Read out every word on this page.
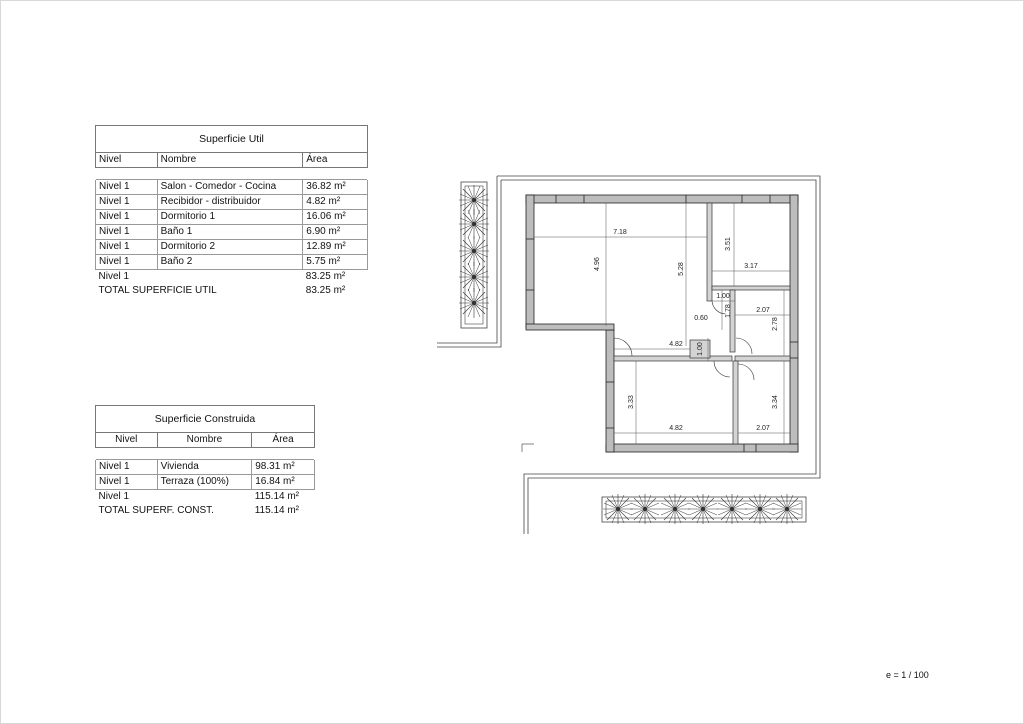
Superficie Util		
Nivel	Nombre	Área

Nivel 1	Salon - Comedor - Cocina	36.82 m²
Nivel 1	Recibidor - distribuidor	4.82 m²
Nivel 1	Dormitorio 1	16.06 m²
Nivel 1	Baño 1	6.90 m²
Nivel 1	Dormitorio 2	12.89 m²
Nivel 1	Baño 2	5.75 m²
Nivel 1		83.25 m²
TOTAL SUPERFICIE UTIL		83.25 m²
Superficie Construida		
Nivel	Nombre	Área

Nivel 1	Vivienda	98.31 m²
Nivel 1	Terraza (100%)	16.84 m²
Nivel 1		115.14 m²
TOTAL SUPERF. CONST.		115.14 m²
7.18
4.96	5.28
3.51
3.17
1.00
1.78	2.07
2.78
0.60
4.82 1.00
3.33
4.82	2.07
3.34
e = 1 / 100
